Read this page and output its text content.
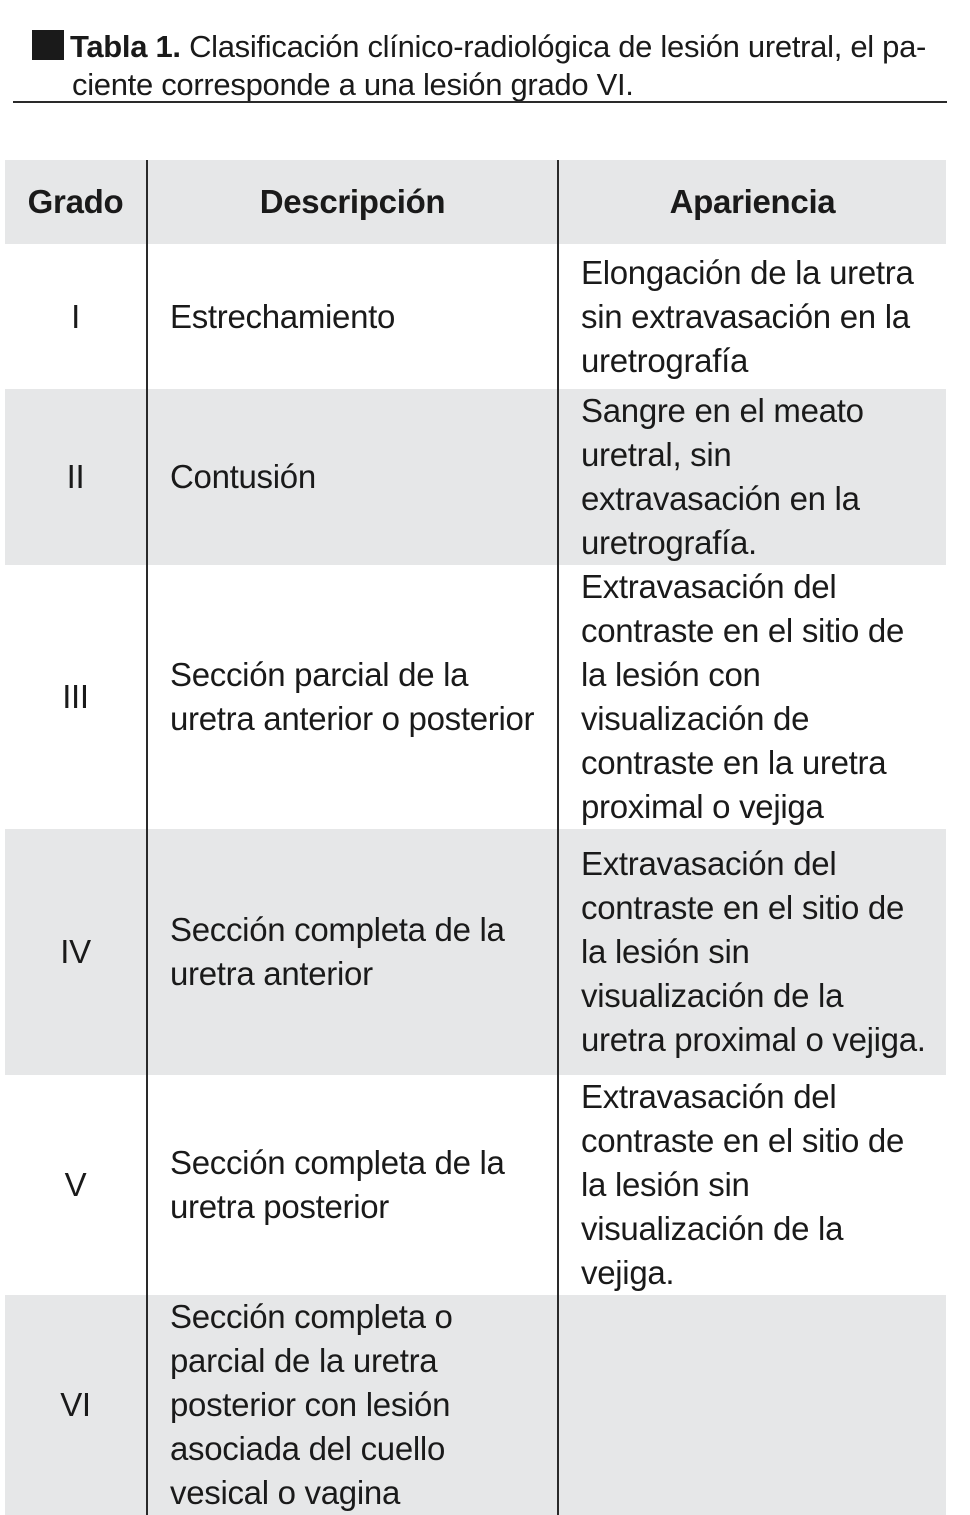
Tabla 1. Clasificación clínico-radiológica de lesión uretral, el pa-
ciente corresponde a una lesión grado VI.
Grado	Descripción	Apariencia
I	Estrechamiento	Elongación de la uretra sin extravasación en la uretrografía
II	Contusión	Sangre en el meato uretral, sin extravasación en la uretrografía.
III	Sección parcial de la uretra anterior o posterior	Extravasación del contraste en el sitio de la lesión con visualización de contraste en la uretra proximal o vejiga
IV	Sección completa de la uretra anterior	Extravasación del contraste en el sitio de la lesión sin visualización de la uretra proximal o vejiga.
V	Sección completa de la uretra posterior	Extravasación del contraste en el sitio de la lesión sin visualización de la vejiga.
VI	Sección completa o parcial de la uretra posterior con lesión asociada del cuello vesical o vagina	
